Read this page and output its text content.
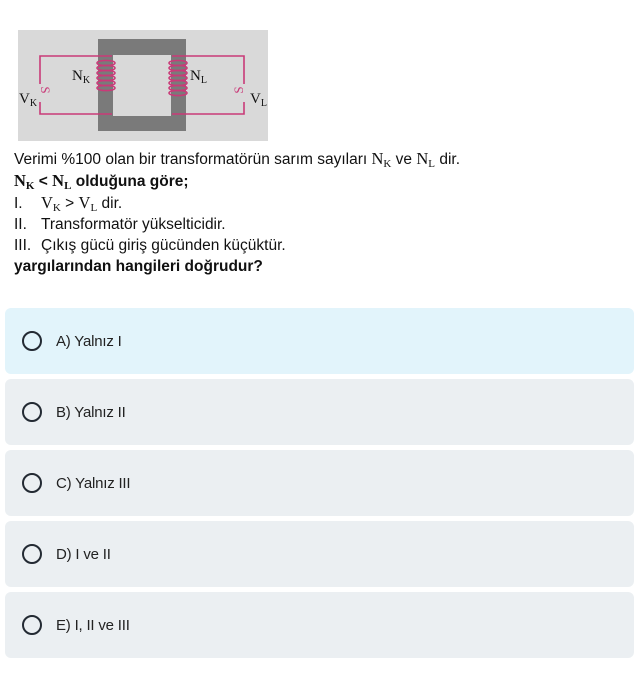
S	S
$V_K$
$N_K$	$N_L$
$V_L$
Verimi %100 olan bir transformatörün sarım sayıları $N_K$ ve $N_L$ dir.
$N_K < N_L$ olduğuna göre;
I. $V_K > V_L$ dir.
II. Transformatör yükselticidir.
III. Çıkış gücü giriş gücünden küçüktür.
yargılarından hangileri doğrudur?
A) Yalnız I
B) Yalnız II
C) Yalnız III
D) I ve II
E) I, II ve III
